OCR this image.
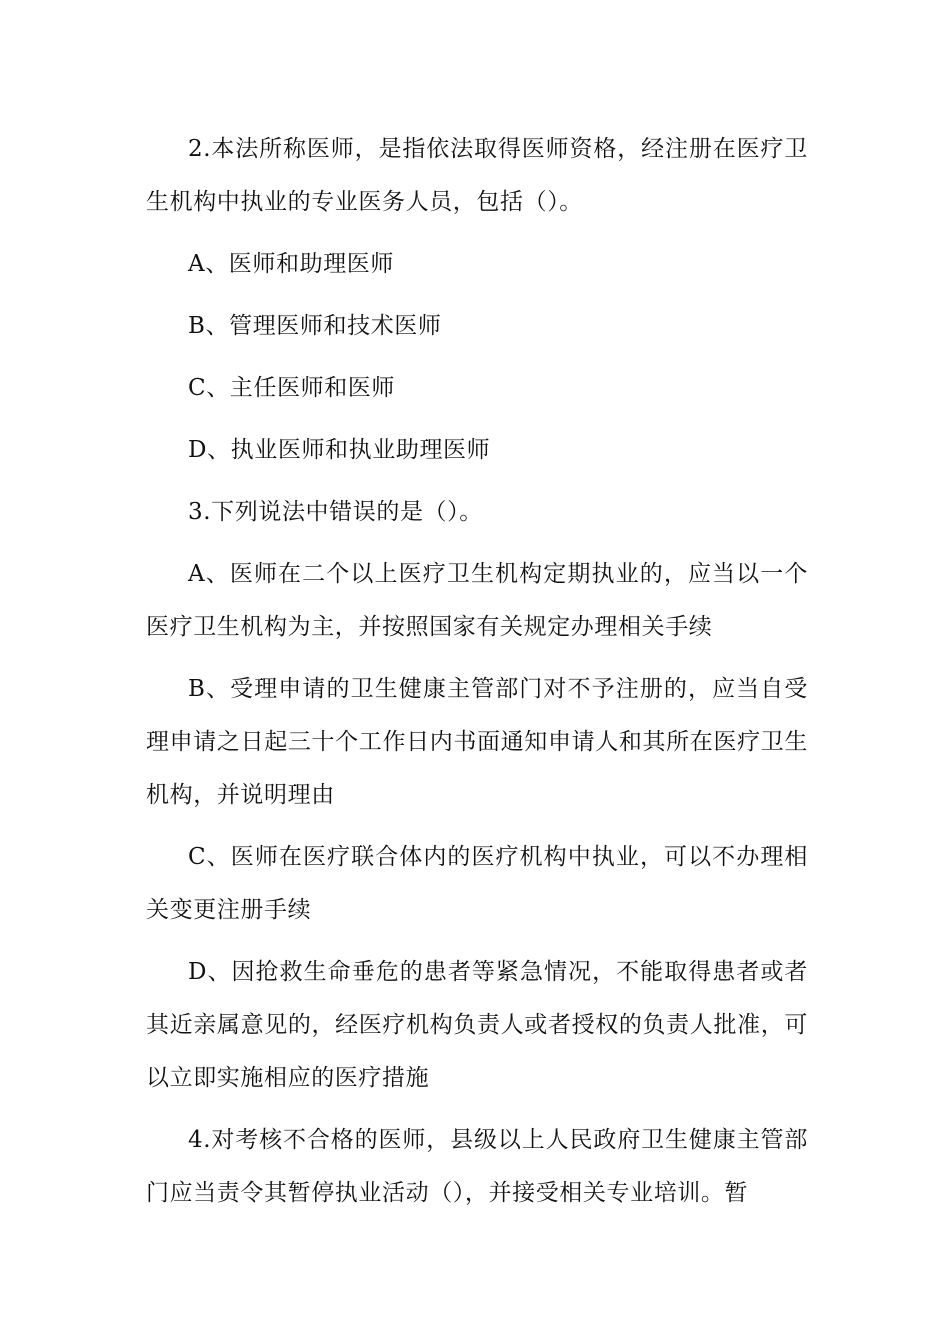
2.本法所称医师，是指依法取得医师资格，经注册在医疗卫生机构中执业的专业医务人员，包括（）。

A、医师和助理医师

B、管理医师和技术医师

C、主任医师和医师

D、执业医师和执业助理医师

3.下列说法中错误的是（）。

A、医师在二个以上医疗卫生机构定期执业的，应当以一个医疗卫生机构为主，并按照国家有关规定办理相关手续

B、受理申请的卫生健康主管部门对不予注册的，应当自受理申请之日起三十个工作日内书面通知申请人和其所在医疗卫生机构，并说明理由

C、医师在医疗联合体内的医疗机构中执业，可以不办理相关变更注册手续

D、因抢救生命垂危的患者等紧急情况，不能取得患者或者其近亲属意见的，经医疗机构负责人或者授权的负责人批准，可以立即实施相应的医疗措施

4.对考核不合格的医师，县级以上人民政府卫生健康主管部门应当责令其暂停执业活动（），并接受相关专业培训。暂
